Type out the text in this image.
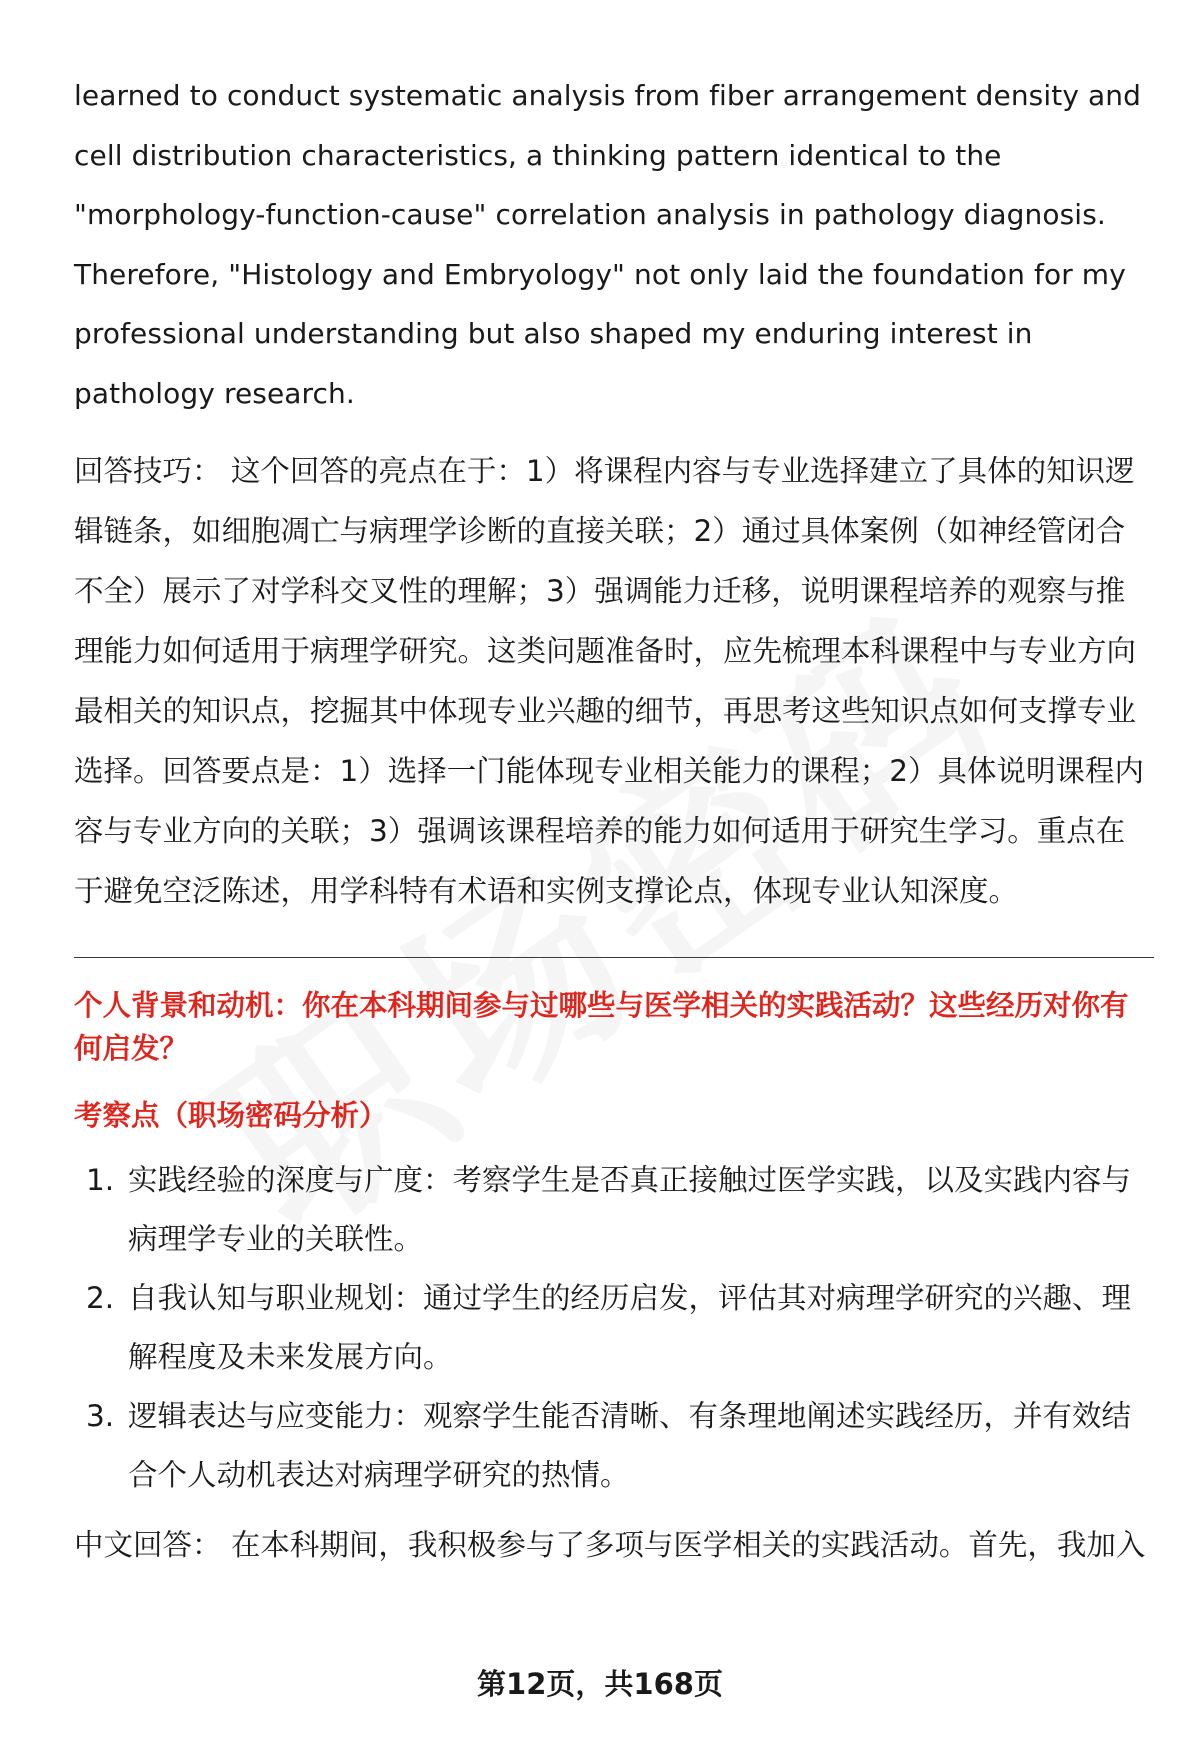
learned to conduct systematic analysis from fiber arrangement density and cell distribution characteristics, a thinking pattern identical to the "morphology-function-cause" correlation analysis in pathology diagnosis. Therefore, "Histology and Embryology" not only laid the foundation for my professional understanding but also shaped my enduring interest in pathology research.

回答技巧： 这个回答的亮点在于：1）将课程内容与专业选择建立了具体的知识逻辑链条，如细胞凋亡与病理学诊断的直接关联；2）通过具体案例（如神经管闭合不全）展示了对学科交叉性的理解；3）强调能力迁移，说明课程培养的观察与推理能力如何适用于病理学研究。这类问题准备时，应先梳理本科课程中与专业方向最相关的知识点，挖掘其中体现专业兴趣的细节，再思考这些知识点如何支撑专业选择。回答要点是：1）选择一门能体现专业相关能力的课程；2）具体说明课程内容与专业方向的关联；3）强调该课程培养的能力如何适用于研究生学习。重点在于避免空泛陈述，用学科特有术语和实例支撑论点，体现专业认知深度。

个人背景和动机：你在本科期间参与过哪些与医学相关的实践活动？这些经历对你有何启发？

考察点（职场密码分析）

1. 实践经验的深度与广度：考察学生是否真正接触过医学实践，以及实践内容与病理学专业的关联性。
2. 自我认知与职业规划：通过学生的经历启发，评估其对病理学研究的兴趣、理解程度及未来发展方向。
3. 逻辑表达与应变能力：观察学生能否清晰、有条理地阐述实践经历，并有效结合个人动机表达对病理学研究的热情。

中文回答： 在本科期间，我积极参与了多项与医学相关的实践活动。首先，我加入

第12页，共168页
